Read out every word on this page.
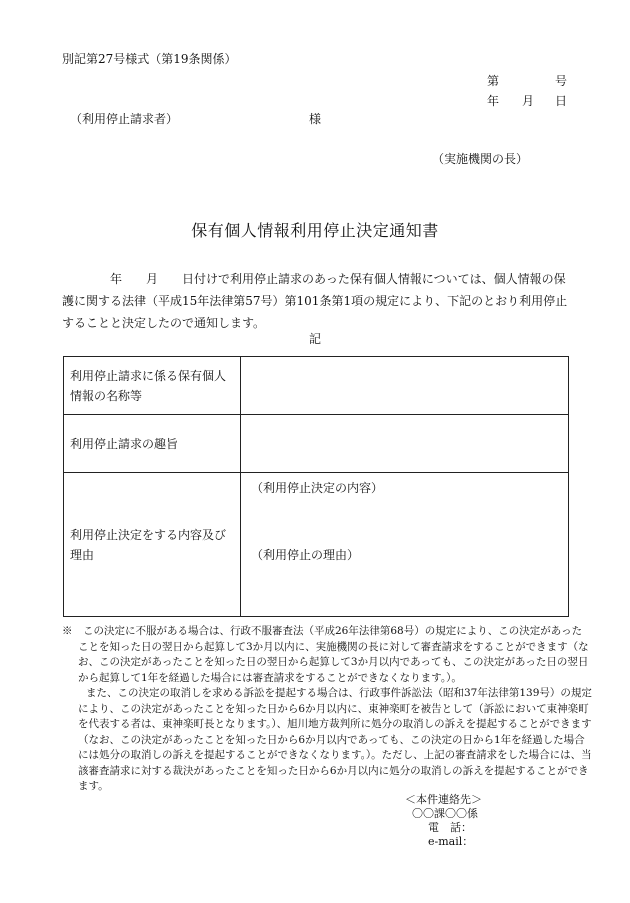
別記第27号様式（第19条関係）
第	号
年 月 日
（利用停止請求者）	様
（実施機関の長）
保有個人情報利用停止決定通知書
　　　　年　　月　　日付けで利用停止請求のあった保有個人情報については、個人情報の保
護に関する法律（平成15年法律第57号）第101条第1項の規定により、下記のとおり利用停止
することと決定したので通知します。
記
利用停止請求に係る保有個人情報の名称等	
利用停止請求の趣旨	
利用停止決定をする内容及び理由	（利用停止決定の内容）
（利用停止の理由）
※　 この決定に不服がある場合は、行政不服審査法（平成26年法律第68号）の規定により、この決定があった
ことを知った日の翌日から起算して3か月以内に、実施機関の長に対して審査請求をすることができます（な
お、この決定があったことを知った日の翌日から起算して3か月以内であっても、この決定があった日の翌日
から起算して1年を経過した場合には審査請求をすることができなくなります。）。
また、この決定の取消しを求める訴訟を提起する場合は、行政事件訴訟法（昭和37年法律第139号）の規定
により、この決定があったことを知った日から6か月以内に、東神楽町を被告として（訴訟において東神楽町
を代表する者は、東神楽町長となります。）、旭川地方裁判所に処分の取消しの訴えを提起することができます
（なお、この決定があったことを知った日から6か月以内であっても、この決定の日から1年を経過した場合
には処分の取消しの訴えを提起することができなくなります。）。ただし、上記の審査請求をした場合には、当
該審査請求に対する裁決があったことを知った日から6か月以内に処分の取消しの訴えを提起することができ
ます。
＜本件連絡先＞
〇〇課〇〇係
電　話：
e-mail：
